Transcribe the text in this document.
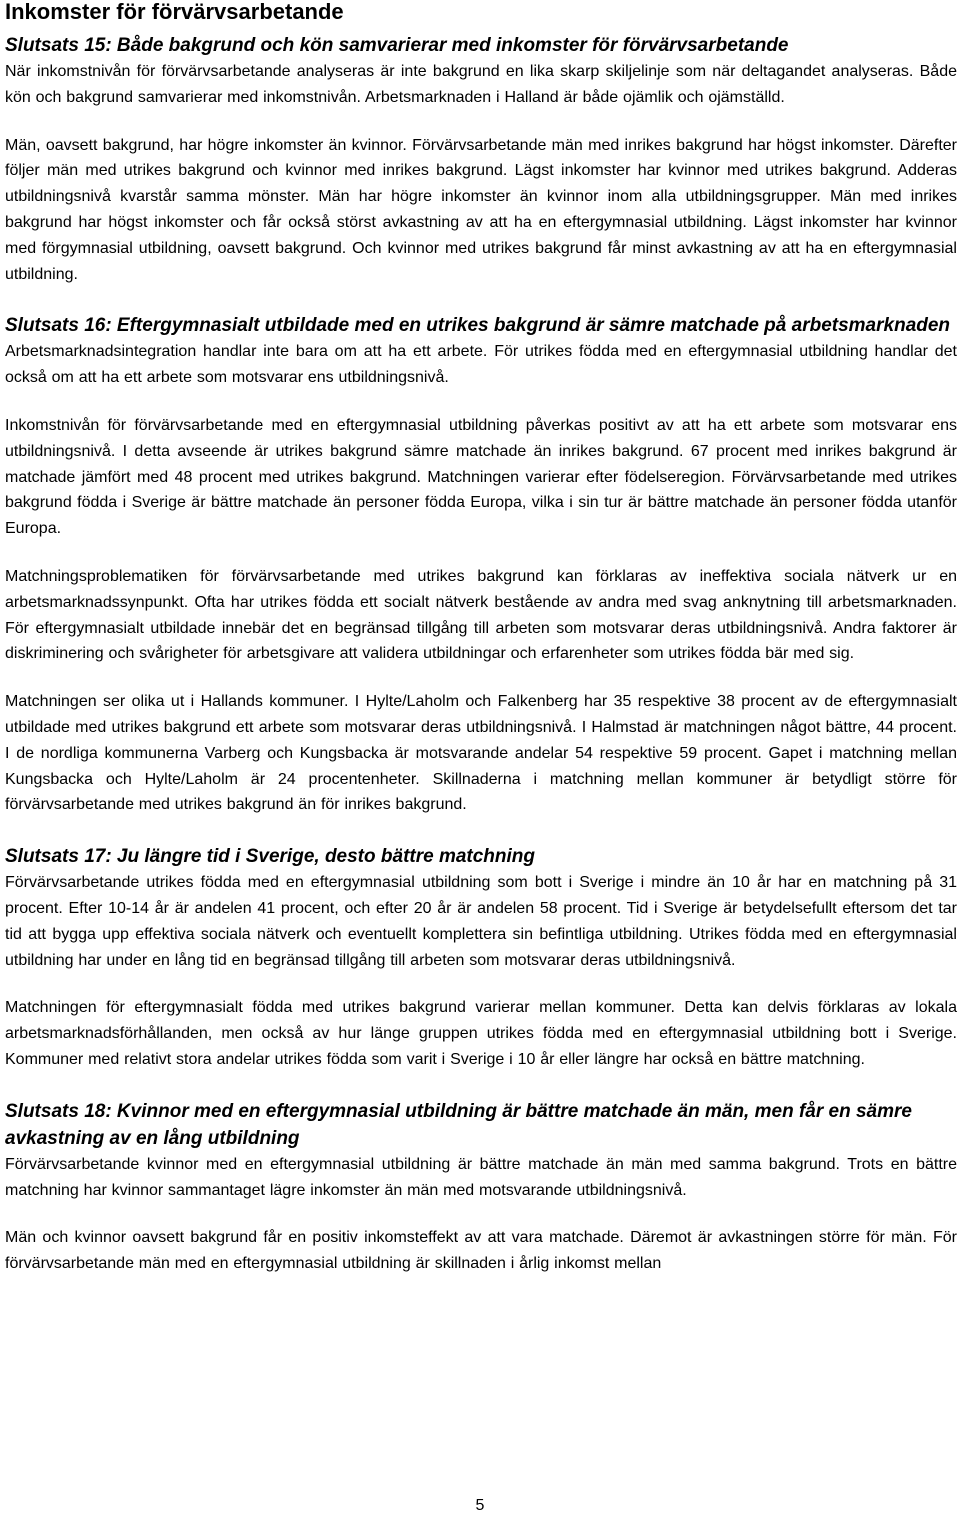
Inkomster för förvärvsarbetande
Slutsats 15: Både bakgrund och kön samvarierar med inkomster för förvärvsarbetande

När inkomstnivån för förvärvsarbetande analyseras är inte bakgrund en lika skarp skiljelinje som när deltagandet analyseras. Både kön och bakgrund samvarierar med inkomstnivån. Arbetsmarknaden i Halland är både ojämlik och ojämställd.

Män, oavsett bakgrund, har högre inkomster än kvinnor. Förvärvsarbetande män med inrikes bakgrund har högst inkomster. Därefter följer män med utrikes bakgrund och kvinnor med inrikes bakgrund. Lägst inkomster har kvinnor med utrikes bakgrund. Adderas utbildningsnivå kvarstår samma mönster. Män har högre inkomster än kvinnor inom alla utbildningsgrupper. Män med inrikes bakgrund har högst inkomster och får också störst avkastning av att ha en eftergymnasial utbildning. Lägst inkomster har kvinnor med förgymnasial utbildning, oavsett bakgrund. Och kvinnor med utrikes bakgrund får minst avkastning av att ha en eftergymnasial utbildning.

Slutsats 16: Eftergymnasialt utbildade med en utrikes bakgrund är sämre matchade på arbetsmarknaden

Arbetsmarknadsintegration handlar inte bara om att ha ett arbete. För utrikes födda med en eftergymnasial utbildning handlar det också om att ha ett arbete som motsvarar ens utbildningsnivå.

Inkomstnivån för förvärvsarbetande med en eftergymnasial utbildning påverkas positivt av att ha ett arbete som motsvarar ens utbildningsnivå. I detta avseende är utrikes bakgrund sämre matchade än inrikes bakgrund. 67 procent med inrikes bakgrund är matchade jämfört med 48 procent med utrikes bakgrund. Matchningen varierar efter födelseregion. Förvärvsarbetande med utrikes bakgrund födda i Sverige är bättre matchade än personer födda Europa, vilka i sin tur är bättre matchade än personer födda utanför Europa.

Matchningsproblematiken för förvärvsarbetande med utrikes bakgrund kan förklaras av ineffektiva sociala nätverk ur en arbetsmarknadssynpunkt. Ofta har utrikes födda ett socialt nätverk bestående av andra med svag anknytning till arbetsmarknaden. För eftergymnasialt utbildade innebär det en begränsad tillgång till arbeten som motsvarar deras utbildningsnivå. Andra faktorer är diskriminering och svårigheter för arbetsgivare att validera utbildningar och erfarenheter som utrikes födda bär med sig.

Matchningen ser olika ut i Hallands kommuner. I Hylte/Laholm och Falkenberg har 35 respektive 38 procent av de eftergymnasialt utbildade med utrikes bakgrund ett arbete som motsvarar deras utbildningsnivå. I Halmstad är matchningen något bättre, 44 procent. I de nordliga kommunerna Varberg och Kungsbacka är motsvarande andelar 54 respektive 59 procent. Gapet i matchning mellan Kungsbacka och Hylte/Laholm är 24 procentenheter. Skillnaderna i matchning mellan kommuner är betydligt större för förvärvsarbetande med utrikes bakgrund än för inrikes bakgrund.

Slutsats 17: Ju längre tid i Sverige, desto bättre matchning

Förvärvsarbetande utrikes födda med en eftergymnasial utbildning som bott i Sverige i mindre än 10 år har en matchning på 31 procent. Efter 10-14 år är andelen 41 procent, och efter 20 år är andelen 58 procent. Tid i Sverige är betydelsefullt eftersom det tar tid att bygga upp effektiva sociala nätverk och eventuellt komplettera sin befintliga utbildning. Utrikes födda med en eftergymnasial utbildning har under en lång tid en begränsad tillgång till arbeten som motsvarar deras utbildningsnivå.

Matchningen för eftergymnasialt födda med utrikes bakgrund varierar mellan kommuner. Detta kan delvis förklaras av lokala arbetsmarknadsförhållanden, men också av hur länge gruppen utrikes födda med en eftergymnasial utbildning bott i Sverige. Kommuner med relativt stora andelar utrikes födda som varit i Sverige i 10 år eller längre har också en bättre matchning.

Slutsats 18: Kvinnor med en eftergymnasial utbildning är bättre matchade än män, men får en sämre avkastning av en lång utbildning

Förvärvsarbetande kvinnor med en eftergymnasial utbildning är bättre matchade än män med samma bakgrund. Trots en bättre matchning har kvinnor sammantaget lägre inkomster än män med motsvarande utbildningsnivå.

Män och kvinnor oavsett bakgrund får en positiv inkomsteffekt av att vara matchade. Däremot är avkastningen större för män. För förvärvsarbetande män med en eftergymnasial utbildning är skillnaden i årlig inkomst mellan

5
